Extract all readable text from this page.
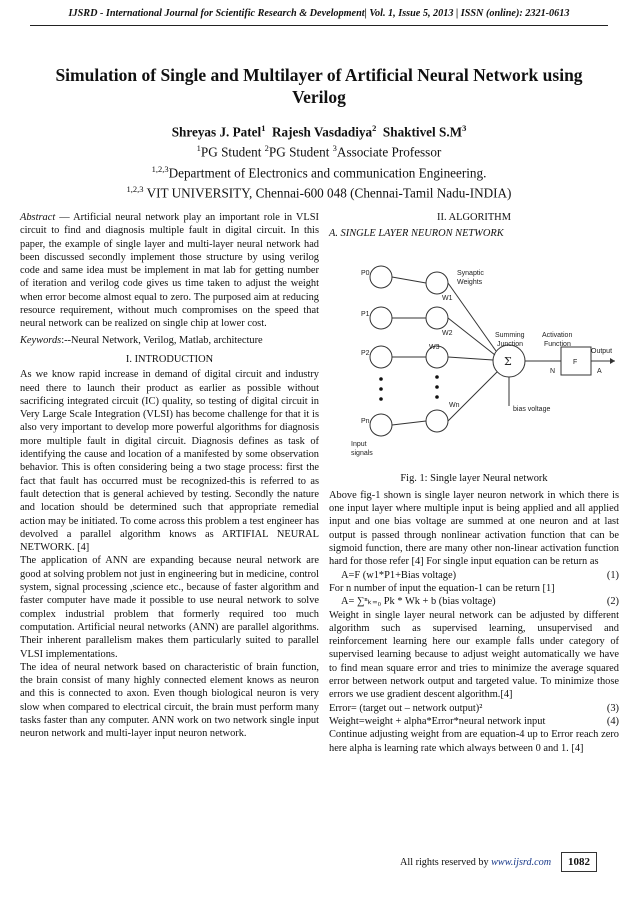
IJSRD - International Journal for Scientific Research & Development| Vol. 1, Issue 5, 2013 | ISSN (online): 2321-0613
Simulation of Single and Multilayer of Artificial Neural Network using Verilog
Shreyas J. Patel$^1$ Rajesh Vasdadiya$^2$ Shaktivel $S.M^3$
$^1$PG Student $^2$PG Student $^3$Associate Professor
$^{1,2,3}$Department of Electronics and communication Engineering.
$^{1,2,3}$ VIT UNIVERSITY, Chennai-600 048 (Chennai-Tamil Nadu-INDIA)

Abstract — Artificial neural network play an important role in VLSI circuit to find and diagnosis multiple fault in digital circuit. In this paper, the example of single layer and multi-layer neural network had been discussed secondly implement those structure by using verilog code and same idea must be implement in mat lab for getting number of iteration and verilog code gives us time taken to adjust the weight when error become almost equal to zero. The purposed aim at reducing resource requirement, without much compromises on the speed that neural network can be realized on single chip at lower cost.

Keywords:--Neural Network, Verilog, Matlab, architecture

I. INTRODUCTION

As we know rapid increase in demand of digital circuit and industry need there to launch their product as earlier as possible without sacrificing integrated circuit (IC) quality, so testing of digital circuit in Very Large Scale Integration (VLSI) has become challenge for that it is also very important to develop more powerful algorithms for diagnosis more multiple fault in digital circuit. Diagnosis defines as task of identifying the cause and location of a manifested by some observation behavior. This is often considering being a two stage process: first the fact that fault has occurred must be recognized-this is referred to as fault detection that is general achieved by testing. Secondly the nature and location should be determined such that appropriate remedial action may be initiated. To come across this problem a test engineer has devolved a parallel algorithm knows as ARTIFIAL NEURAL NETWORK. [4]

The application of ANN are expanding because neural network are good at solving problem not just in engineering but in medicine, control system, signal processing ,science etc., because of faster algorithm and faster computer have made it possible to use neural network to solve complex industrial problem that formerly required too much computation. Artificial neural networks (ANN) are parallel algorithms. Their inherent parallelism makes them particularly suited to parallel VLSI implementations.

The idea of neural network based on characteristic of brain function, the brain consist of many highly connected element knows as neuron and this is connected to axon. Even though biological neuron is very slow when compared to electrical circuit, the brain must perform many tasks faster than any computer. ANN work on two network single input neuron network and multi-layer input neuron network.

II. ALGORITHM
A. SINGLE LAYER NEURON NETWORK
P0
P1
P2
Pn
Synaptic
Weights
W1
W2
W3
Wn
Summing
Junction
Activation
Function
Σ
N
F
A
Output
bias voltage
Input
signals
Fig. 1: Single layer Neural network

Above fig-1 shown is single layer neuron network in which there is one input layer where multiple input is being applied and all applied input and one bias voltage are summed at one neuron and at last output is passed through nonlinear activation function that can be sigmoid function, there are many other non-linear activation function hard for those refer [4] For single input equation can be return as

A=F (w1*P1+Bias voltage)	(1)

For n number of input the equation-1 can be return [1]

A= ∑ⁿₖ₌₀ Pk * Wk + b (bias voltage)	(2)

Weight in single layer neural network can be adjusted by different algorithm such as supervised learning, unsupervised and reinforcement learning here our example falls under category of supervised learning because to adjust weight automatically we have to find mean square error and tries to minimize the average squared error between network output and targeted value. To minimize those errors we use gradient descent algorithm.[4]

Error= (target out – network output)²	(3)
Weight=weight + alpha*Error*neural network input	(4)

Continue adjusting weight from are equation-4 up to Error reach zero here alpha is learning rate which always between 0 and 1. [4]

All rights reserved by www.ijsrd.com	1082
